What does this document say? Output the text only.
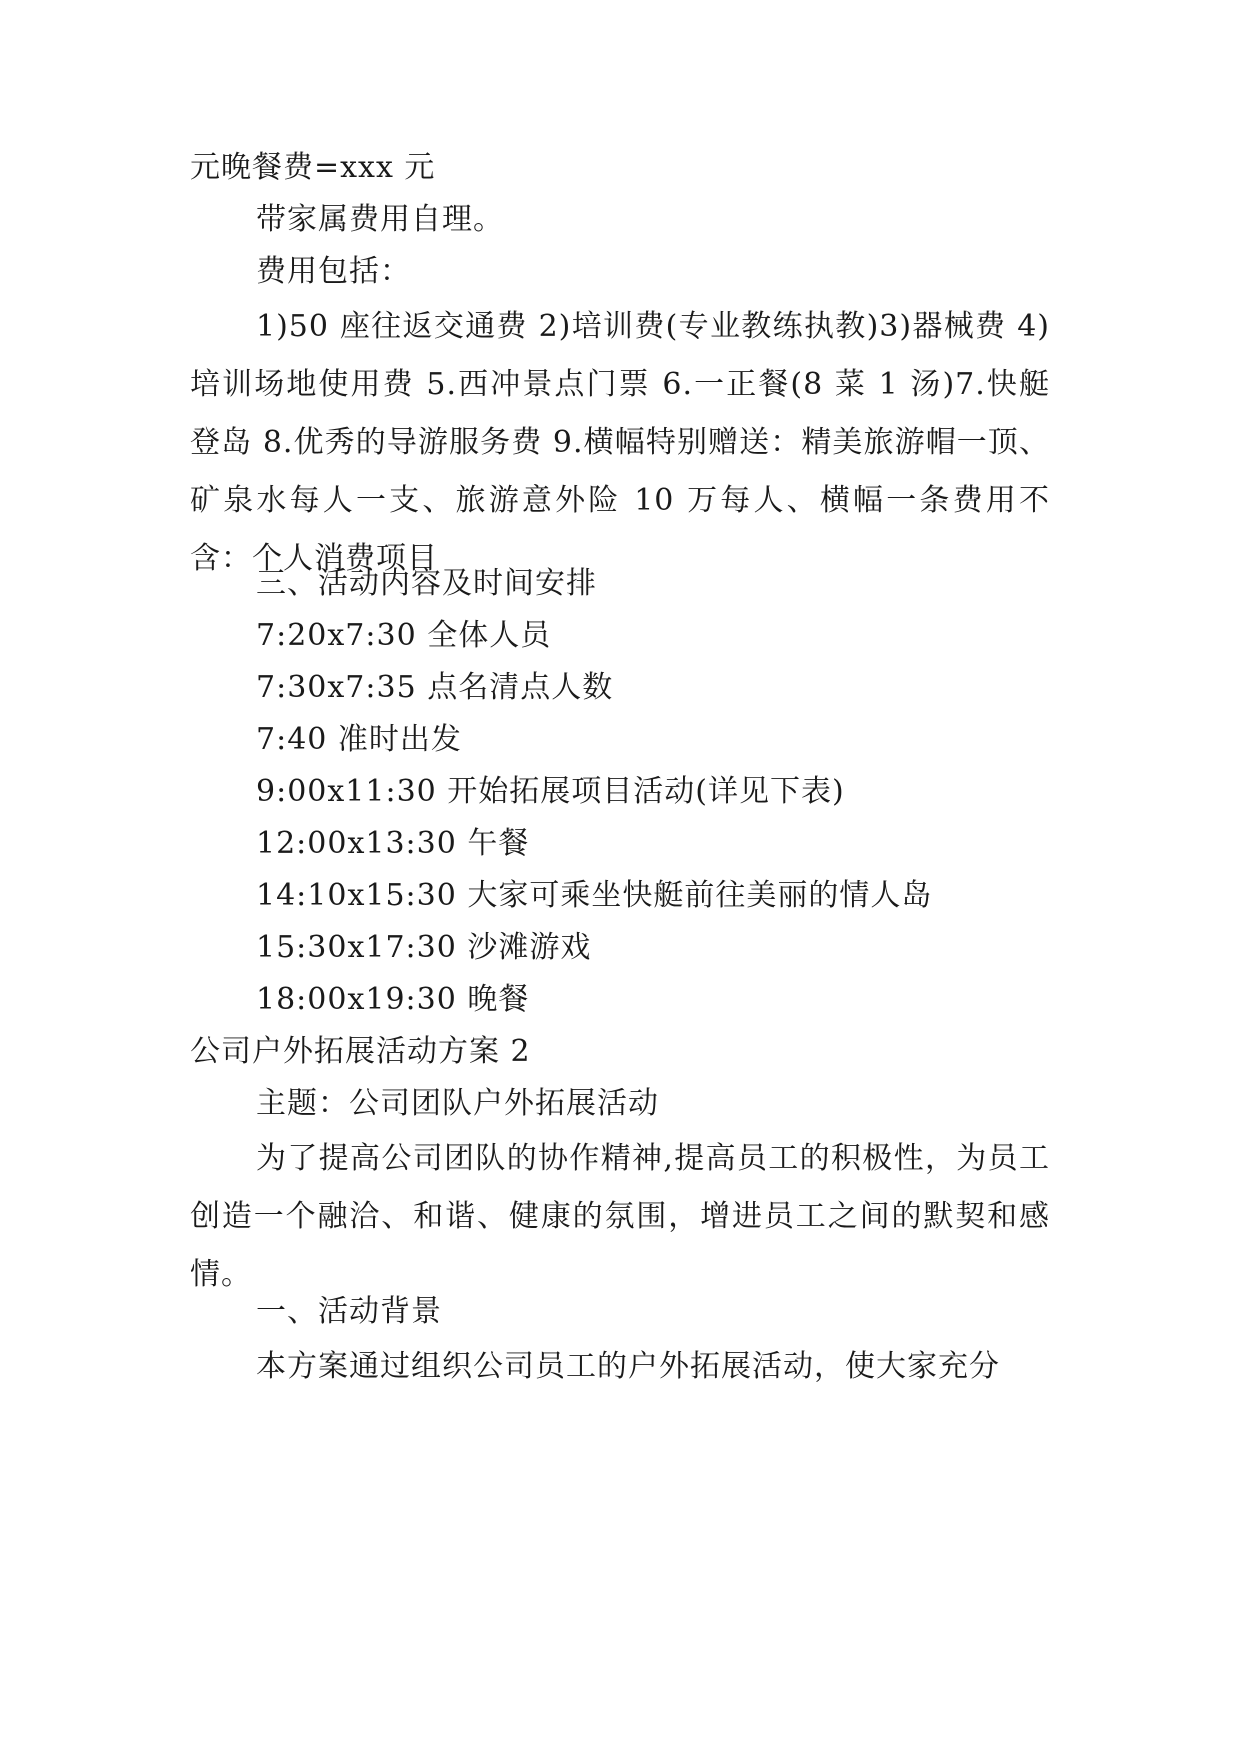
元晚餐费=xxx 元

带家属费用自理。

费用包括：

1)50 座往返交通费 2)培训费(专业教练执教)3)器械费 4)培训场地使用费 5.西冲景点门票 6.一正餐(8 菜 1 汤)7.快艇登岛 8.优秀的导游服务费 9.横幅特别赠送：精美旅游帽一顶、矿泉水每人一支、旅游意外险 10 万每人、横幅一条费用不含：个人消费项目

三、活动内容及时间安排

7:20x7:30 全体人员

7:30x7:35 点名清点人数

7:40 准时出发

9:00x11:30 开始拓展项目活动(详见下表)

12:00x13:30 午餐

14:10x15:30 大家可乘坐快艇前往美丽的情人岛

15:30x17:30 沙滩游戏

18:00x19:30 晚餐

公司户外拓展活动方案 2

主题：公司团队户外拓展活动

为了提高公司团队的协作精神,提高员工的积极性，为员工创造一个融洽、和谐、健康的氛围，增进员工之间的默契和感情。

一、活动背景

本方案通过组织公司员工的户外拓展活动，使大家充分
